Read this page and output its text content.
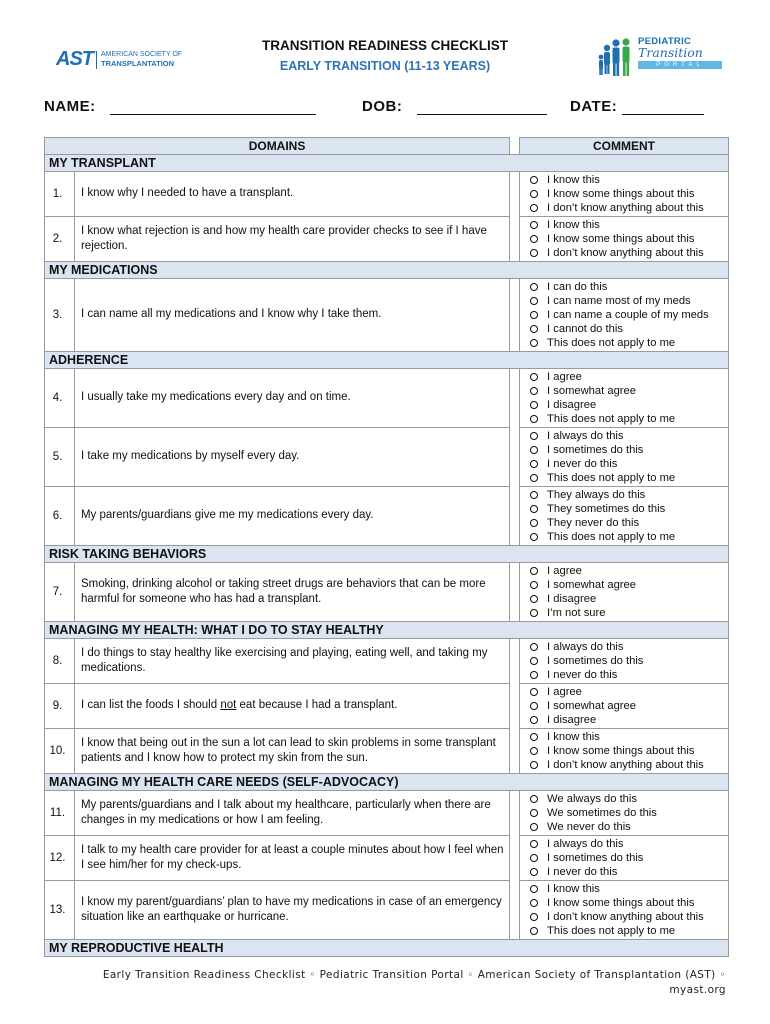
AST AMERICAN SOCIETY OF
TRANSPLANTATION
TRANSITION READINESS CHECKLIST
EARLY TRANSITION (11-13 YEARS)
PEDIATRIC
Transition
PORTAL
NAME:	DOB:	DATE:
DOMAINS			COMMENT
MY TRANSPLANT			
1.	I know why I needed to have a transplant.		I know this
I know some things about this
I don’t know anything about this

2.	I know what rejection is and how my health care provider checks to see if I have rejection.		I know this
I know some things about this
I don’t know anything about this

MY MEDICATIONS			
3.	I can name all my medications and I know why I take them.		I can do this
I can name most of my meds
I can name a couple of my meds
I cannot do this
This does not apply to me

ADHERENCE			
4.	I usually take my medications every day and on time.		I agree
I somewhat agree
I disagree
This does not apply to me

5.	I take my medications by myself every day.		I always do this
I sometimes do this
I never do this
This does not apply to me

6.	My parents/guardians give me my medications every day.		They always do this
They sometimes do this
They never do this
This does not apply to me

RISK TAKING BEHAVIORS			
7.	Smoking, drinking alcohol or taking street drugs are behaviors that can be more harmful for someone who has had a transplant.		I agree
I somewhat agree
I disagree
I’m not sure

MANAGING MY HEALTH: WHAT I DO TO STAY HEALTHY			
8.	I do things to stay healthy like exercising and playing, eating well, and taking my medications.		I always do this
I sometimes do this
I never do this

9.	I can list the foods I should not eat because I had a transplant.		I agree
I somewhat agree
I disagree

10.	I know that being out in the sun a lot can lead to skin problems in some transplant patients and I know how to protect my skin from the sun.		I know this
I know some things about this
I don’t know anything about this

MANAGING MY HEALTH CARE NEEDS (SELF-ADVOCACY)			
11.	My parents/guardians and I talk about my healthcare, particularly when there are changes in my medications or how I am feeling.		We always do this
We sometimes do this
We never do this

12.	I talk to my health care provider for at least a couple minutes about how I feel when I see him/her for my check-ups.		I always do this
I sometimes do this
I never do this

13.	I know my parent/guardians’ plan to have my medications in case of an emergency situation like an earthquake or hurricane.		I know this
I know some things about this
I don’t know anything about this
This does not apply to me

MY REPRODUCTIVE HEALTH			
Early Transition Readiness Checklist ◦ Pediatric Transition Portal ◦ American Society of Transplantation (AST) ◦
myast.org
